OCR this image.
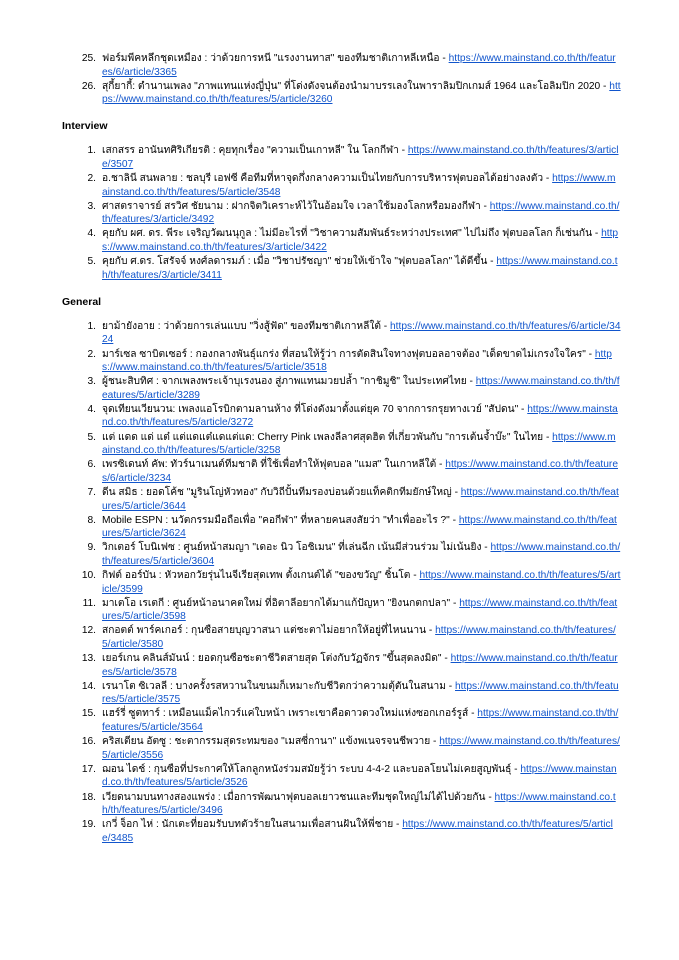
25. ฟอร์มพีคหลึกชุดเหมือง : ว่าด้วยการหนี "แรงงานทาส" ของทีมชาติเกาหลีเหนือ - https://www.mainstand.co.th/th/features/6/article/3365
26. สุกี้ยากี้: ตำนานเพลง "ภาพแทนแห่งญี่ปุ่น" ที่โด่งดังจนต้องนำมาบรรเลงในพาราลิมปิกเกมส์ 1964 และโอลิมปิก 2020 - https://www.mainstand.co.th/th/features/5/article/3260
Interview
1. เสกสรร อานันทศิริเกียรติ : คุยทุกเรื่อง "ความเป็นเกาหลี" ใน โลกกีฬา - https://www.mainstand.co.th/th/features/3/article/3507
2. อ.ชาลินี สนพลาย : ชลบุรี เอฟซี คือทีมที่หาจุดกึ่งกลางความเป็นไทยกับการบริหารฟุตบอลได้อย่างลงตัว - https://www.mainstand.co.th/th/features/5/article/3548
3. ศาสตราจารย์ สรวิศ ชัยนาม : ฝากจิตวิเคราะห์ไว้ในอ้อมใจ เวลาใช้มองโลกหรือมองกีฬา - https://www.mainstand.co.th/th/features/3/article/3492
4. คุยกับ ผศ. ดร. พีระ เจริญวัฒนนุกูล : ไม่มีอะไรที่ "วิชาความสัมพันธ์ระหว่างประเทศ" ไปไม่ถึง ฟุตบอลโลก ก็เช่นกัน - https://www.mainstand.co.th/th/features/3/article/3422
5. คุยกับ ศ.ดร. โสรัจจ์ หงศ์ลดารมภ์ : เมื่อ "วิชาปรัชญา" ช่วยให้เข้าใจ "ฟุตบอลโลก" ได้ดีขึ้น - https://www.mainstand.co.th/th/features/3/article/3411
General
1. ยาม้ายังอาย : ว่าด้วยการเล่นแบบ "วิ่งสู้ฟัด" ของทีมชาติเกาหลีใต้ - https://www.mainstand.co.th/th/features/6/article/3424
2. มาร์เซล ซาบิตเซอร์ : กองกลางพันธุ์แกร่ง ที่สอนให้รู้ว่า การตัดสินใจทางฟุตบอลอาจต้อง "เด็ดขาดไม่เกรงใจใคร" - https://www.mainstand.co.th/th/features/5/article/3518
3. ผู้ชนะสิบทิศ : จากเพลงพระเจ้าบุเรงนอง สู่ภาพแทนมวยปล้ำ "กาชิมูชิ" ในประเทศไทย - https://www.mainstand.co.th/th/features/5/article/3289
4. จุดเทียนเวียนวน: เพลงแอโรบิกตามลานห้าง ที่โด่งดังมาตั้งแต่ยุค 70 จากการกรุยทางเวย์ "สัปดน" - https://www.mainstand.co.th/th/features/5/article/3272
5. แต่ แดด แด่ แต๋ แต่แดแต๋แดแต่แด: Cherry Pink เพลงลีลาศสุดฮิต ที่เกี่ยวพันกับ "การเต้นจ้ำบ๊ะ" ในไทย - https://www.mainstand.co.th/th/features/5/article/3258
6. เพรซิเดนท์ คัพ: ทัวร์นาเมนต์ทีมชาติ ที่ใช้เพื่อทำให้ฟุตบอล "แมส" ในเกาหลีใต้ - https://www.mainstand.co.th/th/features/6/article/3234
7. ดีน สมิธ : ยอดโค้ช "มูรินโญ่หัวทอง" กับวิถีปั้นทีมรองบ่อนด้วยแท็คติกทีมยักษ์ใหญ่ - https://www.mainstand.co.th/th/features/5/article/3644
8. Mobile ESPN : นวัตกรรมมือถือเพื่อ "คอกีฬา" ที่หลายคนสงสัยว่า "ทำเพื่ออะไร ?" - https://www.mainstand.co.th/th/features/5/article/3624
9. วิกเตอร์ โบนิเฟซ : ศูนย์หน้าสมญา "เดอะ นิว โอชิเมน" ที่เล่นฉีก เน้นมีส่วนร่วม ไม่เน้นยิง - https://www.mainstand.co.th/th/features/5/article/3604
10. กิฟต์ ออร์บัน : หัวหอกวัยรุ่นไนจีเรียสุดเทพ ตั้งเกนต์ได้ "ของขวัญ" ชิ้นโต - https://www.mainstand.co.th/th/features/5/article/3599
11. มาเตโอ เรเตกี : ศูนย์หน้าอนาคตใหม่ ที่อิตาลีอยากได้มาแก้ปัญหา "ยิงนกตกปลา" - https://www.mainstand.co.th/th/features/5/article/3598
12. สกอตต์ พาร์คเกอร์ : กุนซือสายบุญวาสนา แต่ชะตาไม่อยากให้อยู่ที่ไหนนาน - https://www.mainstand.co.th/th/features/5/article/3580
13. เยอร์เกน คลินส์มันน์ : ยอดกุนซือชะตาชีวิตสายสุด โต่งกับวัฏจักร "ขึ้นสุดลงมิด" - https://www.mainstand.co.th/th/features/5/article/3578
14. เรนาโต ซิเวลลี : บางครั้งรสหวานในขนมก็เหมาะกับชีวิตกว่าความตุ้ตันในสนาม - https://www.mainstand.co.th/th/features/5/article/3575
15. แฮร์รี่ ซูตทาร์ : เหมือนแม็คไกวร์แค่ใบหน้า เพราะเขาคือดาวดวงใหม่แห่งซอกเกอร์รูส์ - https://www.mainstand.co.th/th/features/5/article/3564
16. คริสเตียน อัตซู : ชะตากรรมสุดระทมของ "เมสซี่กานา" แข้งพเนจรจนชีพวาย - https://www.mainstand.co.th/th/features/5/article/3556
17. ฌอน ไดช์ : กุนซือที่ประกาศให้โลกลูกหนังร่วมสมัยรู้ว่า ระบบ 4-4-2 และบอลโยนไม่เคยสูญพันธุ์ - https://www.mainstand.co.th/th/features/5/article/3526
18. เวียดนามบนทางสองแพร่ง : เมื่อการพัฒนาฟุตบอลเยาวชนและทีมชุดใหญ่ไม่ได้ไปด้วยกัน - https://www.mainstand.co.th/th/features/5/article/3496
19. เกวี่ จ็อก ไห่ : นักเตะที่ยอมรับบทตัวร้ายในสนามเพื่อสานฝันให้พี่ชาย - https://www.mainstand.co.th/th/features/5/article/3485
